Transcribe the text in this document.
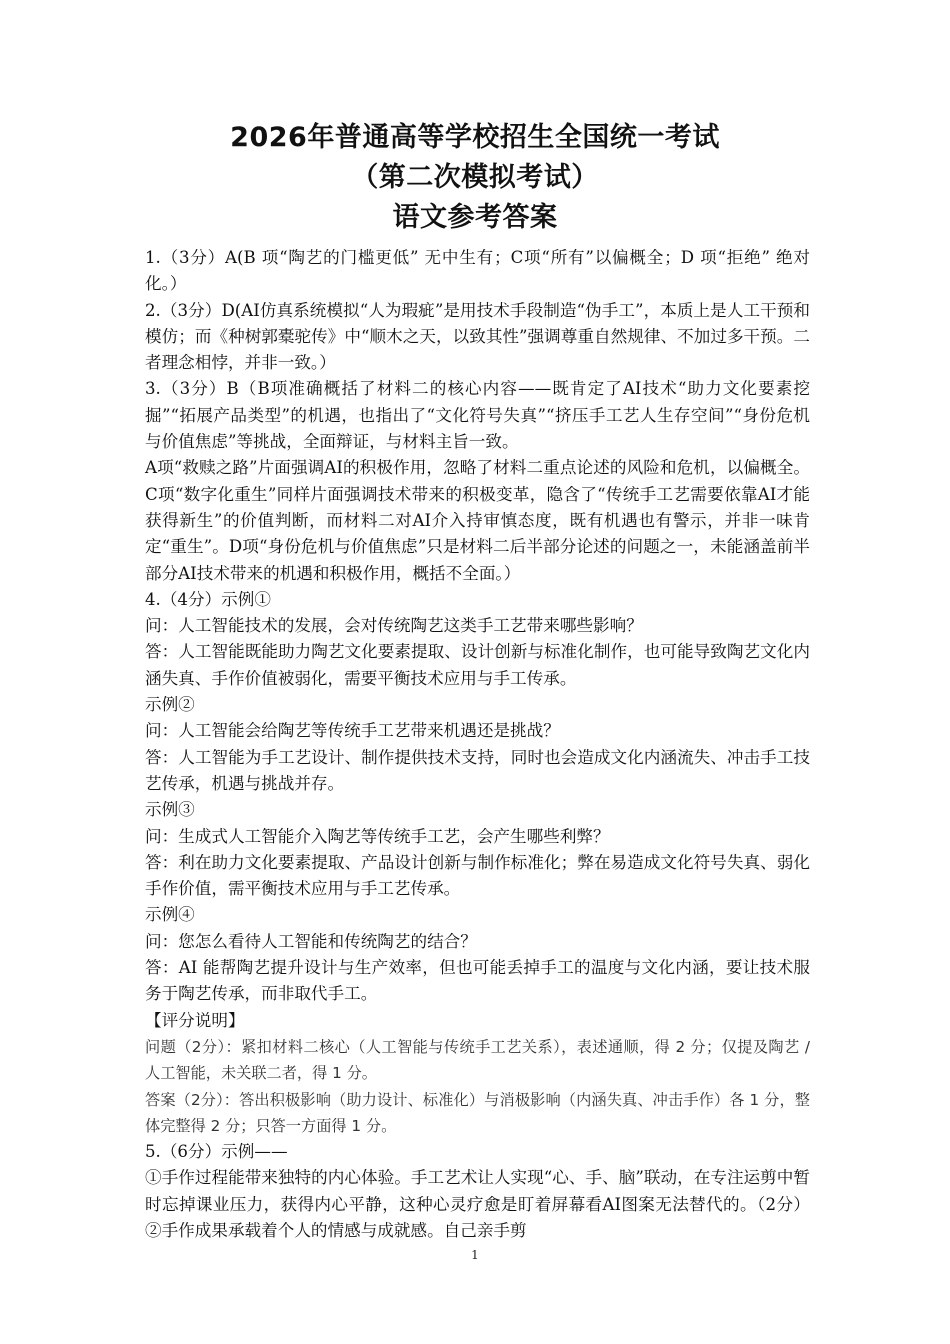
2026年普通高等学校招生全国统一考试
（第二次模拟考试）
语文参考答案

1.（3分）A(B 项“陶艺的门槛更低” 无中生有；C项“所有”以偏概全；D 项“拒绝” 绝对化。）

2.（3分）D(AI仿真系统模拟“人为瑕疵”是用技术手段制造“伪手工”，本质上是人工干预和模仿；而《种树郭橐驼传》中“顺木之天，以致其性”强调尊重自然规律、不加过多干预。二者理念相悖，并非一致。）

3.（3分）B（B项准确概括了材料二的核心内容——既肯定了AI技术“助力文化要素挖掘”“拓展产品类型”的机遇，也指出了“文化符号失真”“挤压手工艺人生存空间”“身份危机与价值焦虑”等挑战，全面辩证，与材料主旨一致。

A项“救赎之路”片面强调AI的积极作用，忽略了材料二重点论述的风险和危机，以偏概全。C项“数字化重生”同样片面强调技术带来的积极变革，隐含了“传统手工艺需要依靠AI才能获得新生”的价值判断，而材料二对AI介入持审慎态度，既有机遇也有警示，并非一味肯定“重生”。D项“身份危机与价值焦虑”只是材料二后半部分论述的问题之一，未能涵盖前半部分AI技术带来的机遇和积极作用，概括不全面。）

4.（4分）示例①

问：人工智能技术的发展，会对传统陶艺这类手工艺带来哪些影响？

答：人工智能既能助力陶艺文化要素提取、设计创新与标准化制作，也可能导致陶艺文化内涵失真、手作价值被弱化，需要平衡技术应用与手工传承。

示例②

问：人工智能会给陶艺等传统手工艺带来机遇还是挑战？

答：人工智能为手工艺设计、制作提供技术支持，同时也会造成文化内涵流失、冲击手工技艺传承，机遇与挑战并存。

示例③

问：生成式人工智能介入陶艺等传统手工艺，会产生哪些利弊？

答：利在助力文化要素提取、产品设计创新与制作标准化；弊在易造成文化符号失真、弱化手作价值，需平衡技术应用与手工艺传承。

示例④

问：您怎么看待人工智能和传统陶艺的结合？

答：AI 能帮陶艺提升设计与生产效率，但也可能丢掉手工的温度与文化内涵，要让技术服务于陶艺传承，而非取代手工。

【评分说明】

问题（2分）：紧扣材料二核心（人工智能与传统手工艺关系），表述通顺，得 2 分；仅提及陶艺 / 人工智能，未关联二者，得 1 分。

答案（2分）：答出积极影响（助力设计、标准化）与消极影响（内涵失真、冲击手作）各 1 分，整体完整得 2 分；只答一方面得 1 分。

5.（6分）示例——

①手作过程能带来独特的内心体验。手工艺术让人实现“心、手、脑”联动，在专注运剪中暂时忘掉课业压力，获得内心平静，这种心灵疗愈是盯着屏幕看AI图案无法替代的。（2分）②手作成果承载着个人的情感与成就感。自己亲手剪

1
